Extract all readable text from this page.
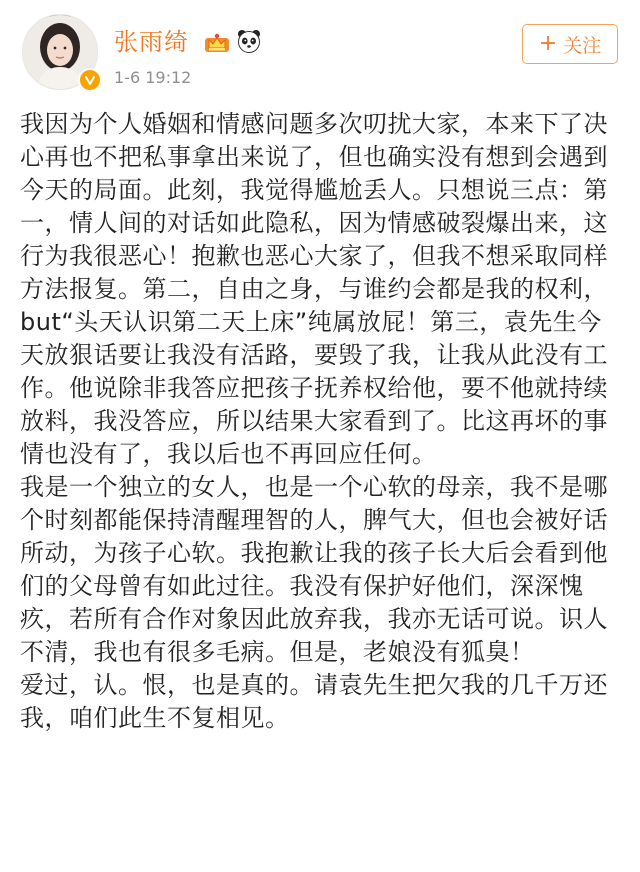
张雨绮
1-6 19:12
+ 关注

我因为个人婚姻和情感问题多次叨扰大家，本来下了决心再也不把私事拿出来说了，但也确实没有想到会遇到今天的局面。此刻，我觉得尴尬丢人。只想说三点：第一，情人间的对话如此隐私，因为情感破裂爆出来，这行为我很恶心！抱歉也恶心大家了，但我不想采取同样方法报复。第二，自由之身，与谁约会都是我的权利，but“头天认识第二天上床”纯属放屁！第三，袁先生今天放狠话要让我没有活路，要毁了我，让我从此没有工作。他说除非我答应把孩子抚养权给他，要不他就持续放料，我没答应，所以结果大家看到了。比这再坏的事情也没有了，我以后也不再回应任何。

我是一个独立的女人，也是一个心软的母亲，我不是哪个时刻都能保持清醒理智的人，脾气大，但也会被好话所动，为孩子心软。我抱歉让我的孩子长大后会看到他们的父母曾有如此过往。我没有保护好他们，深深愧疚，若所有合作对象因此放弃我，我亦无话可说。识人不清，我也有很多毛病。但是，老娘没有狐臭！

爱过，认。恨，也是真的。请袁先生把欠我的几千万还我，咱们此生不复相见。
